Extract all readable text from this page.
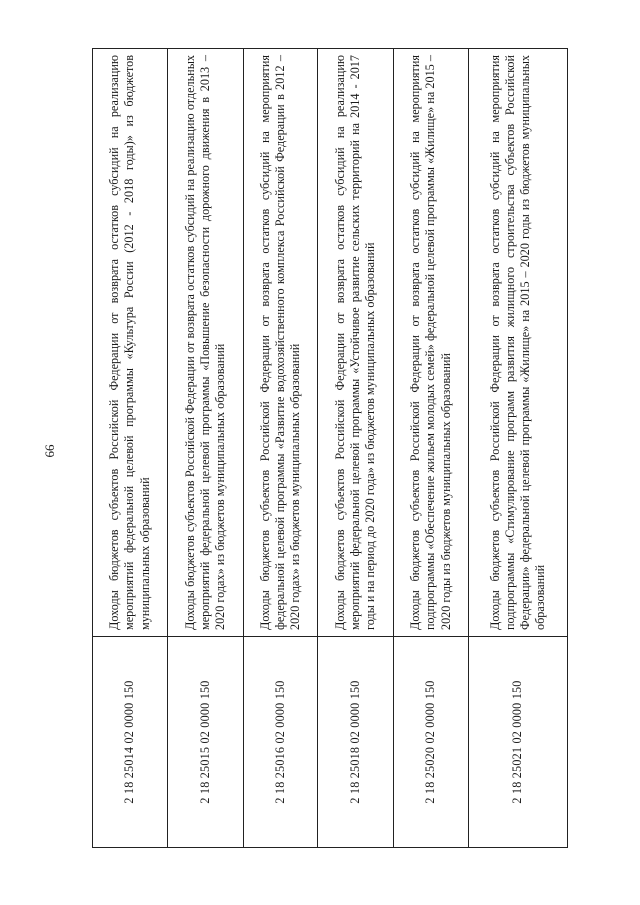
66
2 18 25014 02 0000 150	Доходы бюджетов субъектов Российской Федерации от возврата остатков субсидий на реализацию мероприятий федеральной целевой программы «Культура России (2012 - 2018 годы)» из бюджетов муниципальных образований
2 18 25015 02 0000 150	Доходы бюджетов субъектов Российской Федерации от возврата остатков субсидий на реализацию отдельных мероприятий федеральной целевой программы «Повышение безопасности дорожного движения в 2013 – 2020 годах» из бюджетов муниципальных образований
2 18 25016 02 0000 150	Доходы бюджетов субъектов Российской Федерации от возврата остатков субсидий на мероприятия федеральной целевой программы «Развитие водохозяйственного комплекса Российской Федерации в 2012 – 2020 годах» из бюджетов муниципальных образований
2 18 25018 02 0000 150	Доходы бюджетов субъектов Российской Федерации от возврата остатков субсидий на реализацию мероприятий федеральной целевой программы «Устойчивое развитие сельских территорий на 2014 - 2017 годы и на период до 2020 года» из бюджетов муниципальных образований
2 18 25020 02 0000 150	Доходы бюджетов субъектов Российской Федерации от возврата остатков субсидий на мероприятия подпрограммы «Обеспечение жильем молодых семей» федеральной целевой программы «Жилище» на 2015 – 2020 годы из бюджетов муниципальных образований
2 18 25021 02 0000 150	Доходы бюджетов субъектов Российской Федерации от возврата остатков субсидий на мероприятия подпрограммы «Стимулирование программ развития жилищного строительства субъектов Российской Федерации» федеральной целевой программы «Жилище» на 2015 – 2020 годы из бюджетов муниципальных образований
